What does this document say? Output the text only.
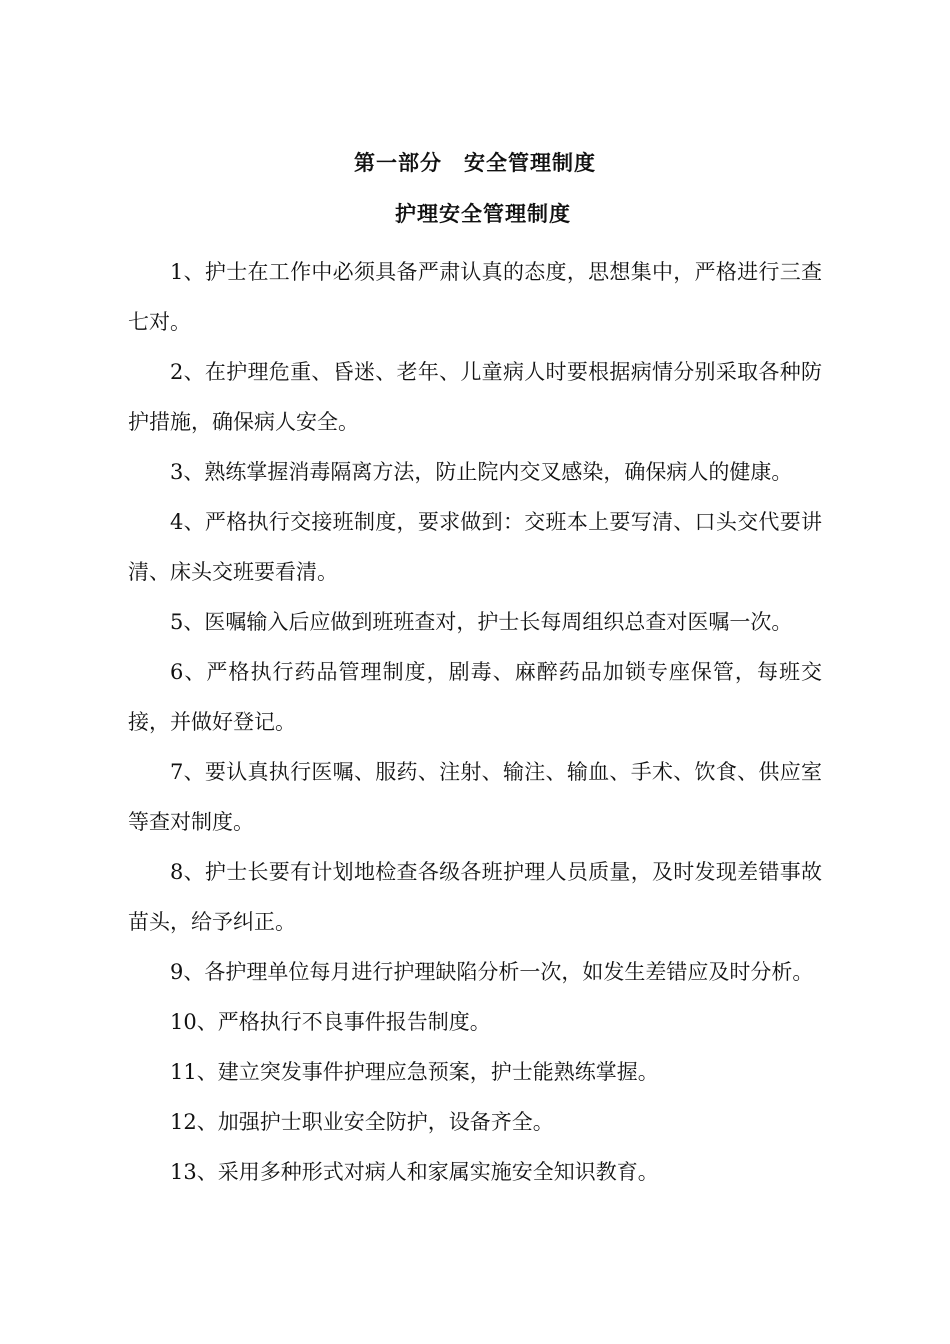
第一部分　安全管理制度
护理安全管理制度

1、护士在工作中必须具备严肃认真的态度，思想集中，严格进行三查七对。

2、在护理危重、昏迷、老年、儿童病人时要根据病情分别采取各种防护措施，确保病人安全。

3、熟练掌握消毒隔离方法，防止院内交叉感染，确保病人的健康。

4、严格执行交接班制度，要求做到：交班本上要写清、口头交代要讲清、床头交班要看清。

5、医嘱输入后应做到班班查对，护士长每周组织总查对医嘱一次。

6、严格执行药品管理制度，剧毒、麻醉药品加锁专座保管，每班交接，并做好登记。

7、要认真执行医嘱、服药、注射、输注、输血、手术、饮食、供应室等查对制度。

8、护士长要有计划地检查各级各班护理人员质量，及时发现差错事故苗头，给予纠正。

9、各护理单位每月进行护理缺陷分析一次，如发生差错应及时分析。

10、严格执行不良事件报告制度。

11、建立突发事件护理应急预案，护士能熟练掌握。

12、加强护士职业安全防护，设备齐全。

13、采用多种形式对病人和家属实施安全知识教育。
